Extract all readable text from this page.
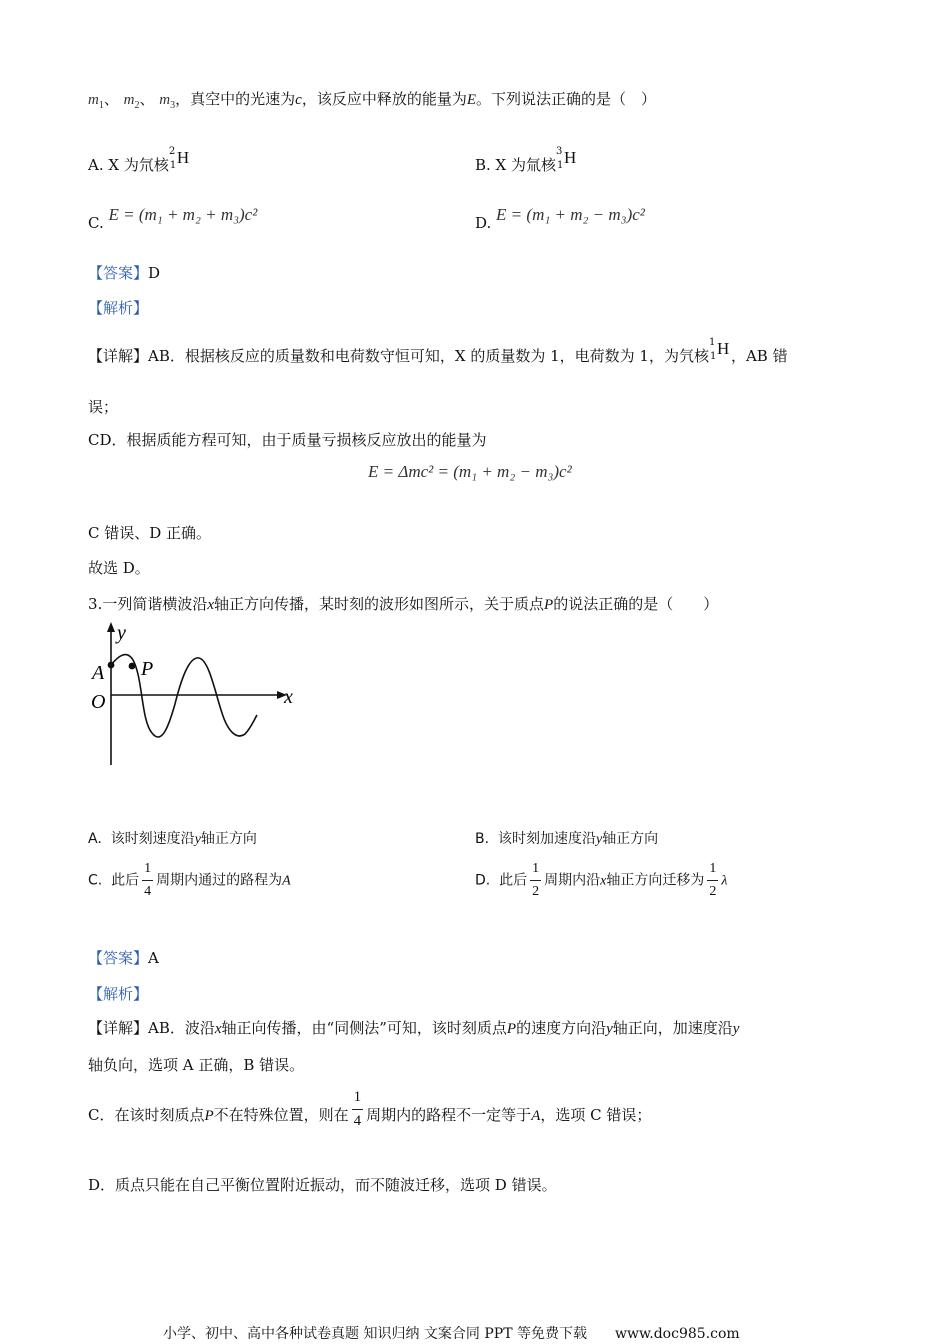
$m_1$、 $m_2$、 $m_3$，真空中的光速为c，该反应中释放的能量为E。下列说法正确的是（　）
A. X 为氘核
2
1 H	B. X 为氚核
3
1 H
C. E = (m₁ + m₂ + m₃)c²	D. E = (m₁ + m₂ − m₃)c²
【答案】D
【解析】
【详解】AB．根据核反应的质量数和电荷数守恒可知，X 的质量数为 1，电荷数为 1，为氕核
1
1 H ，AB 错
误；
CD．根据质能方程可知，由于质量亏损核反应放出的能量为
E = Δmc² = (m₁ + m₂ − m₃)c²
C 错误、D 正确。
故选 D。
3.一列简谐横波沿x轴正方向传播，某时刻的波形如图所示，关于质点P的说法正确的是（　　）
y
x
O
A P
A. 该时刻速度沿y轴正方向	B. 该时刻加速度沿y轴正方向
C. 此后 $\frac{1}{4}$ 周期内通过的路程为A	D. 此后 $\frac{1}{2}$ 周期内沿x轴正方向迁移为 $\frac{1}{2}$ λ
【答案】A
【解析】
【详解】AB．波沿x轴正向传播，由“同侧法”可知，该时刻质点P的速度方向沿y轴正向，加速度沿y
轴负向，选项 A 正确，B 错误。
C．在该时刻质点P不在特殊位置，则在 $\frac{1}{4}$ 周期内的路程不一定等于A，选项 C 错误；
D．质点只能在自己平衡位置附近振动，而不随波迁移，选项 D 错误。
小学、初中、高中各种试卷真题 知识归纳 文案合同 PPT 等免费下载　　www.doc985.com
